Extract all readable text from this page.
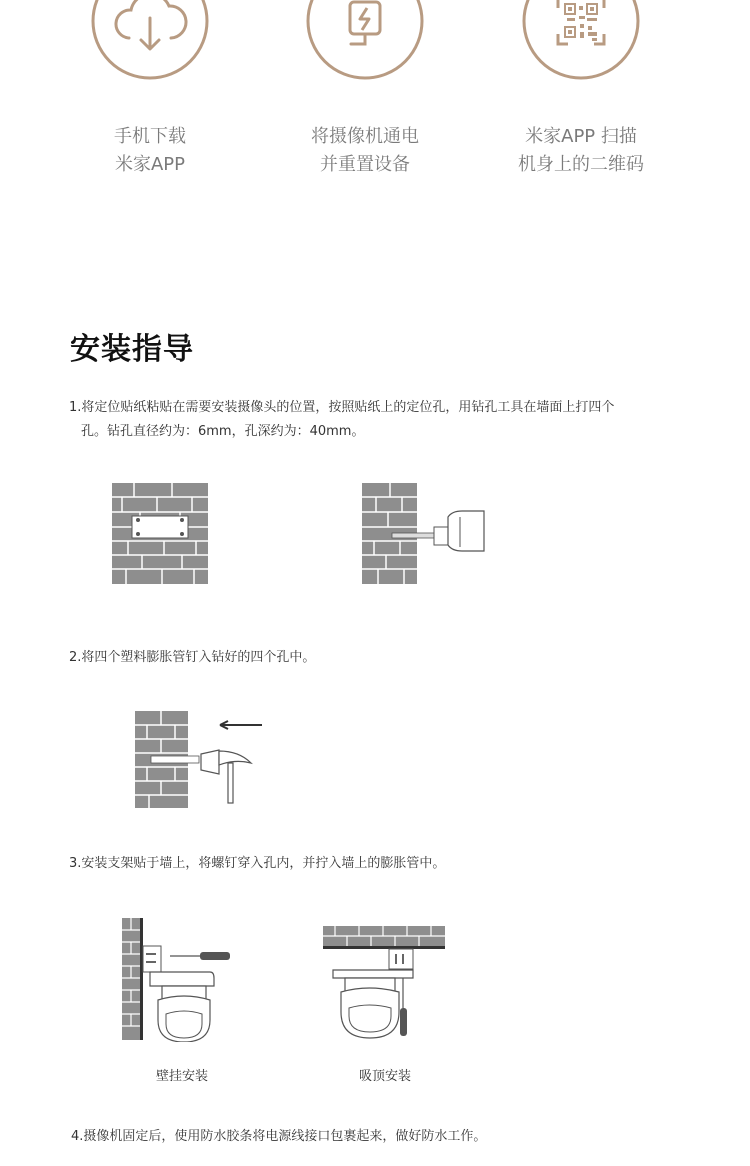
手机下载
米家APP
将摄像机通电
并重置设备
米家APP 扫描
机身上的二维码
安装指导
1.将定位贴纸粘贴在需要安装摄像头的位置，按照贴纸上的定位孔，用钻孔工具在墙面上打四个
孔。钻孔直径约为：6mm，孔深约为：40mm。
2.将四个塑料膨胀管钉入钻好的四个孔中。
3.安装支架贴于墙上，将螺钉穿入孔内，并拧入墙上的膨胀管中。
壁挂安装	吸顶安装
4.摄像机固定后，使用防水胶条将电源线接口包裹起来，做好防水工作。
